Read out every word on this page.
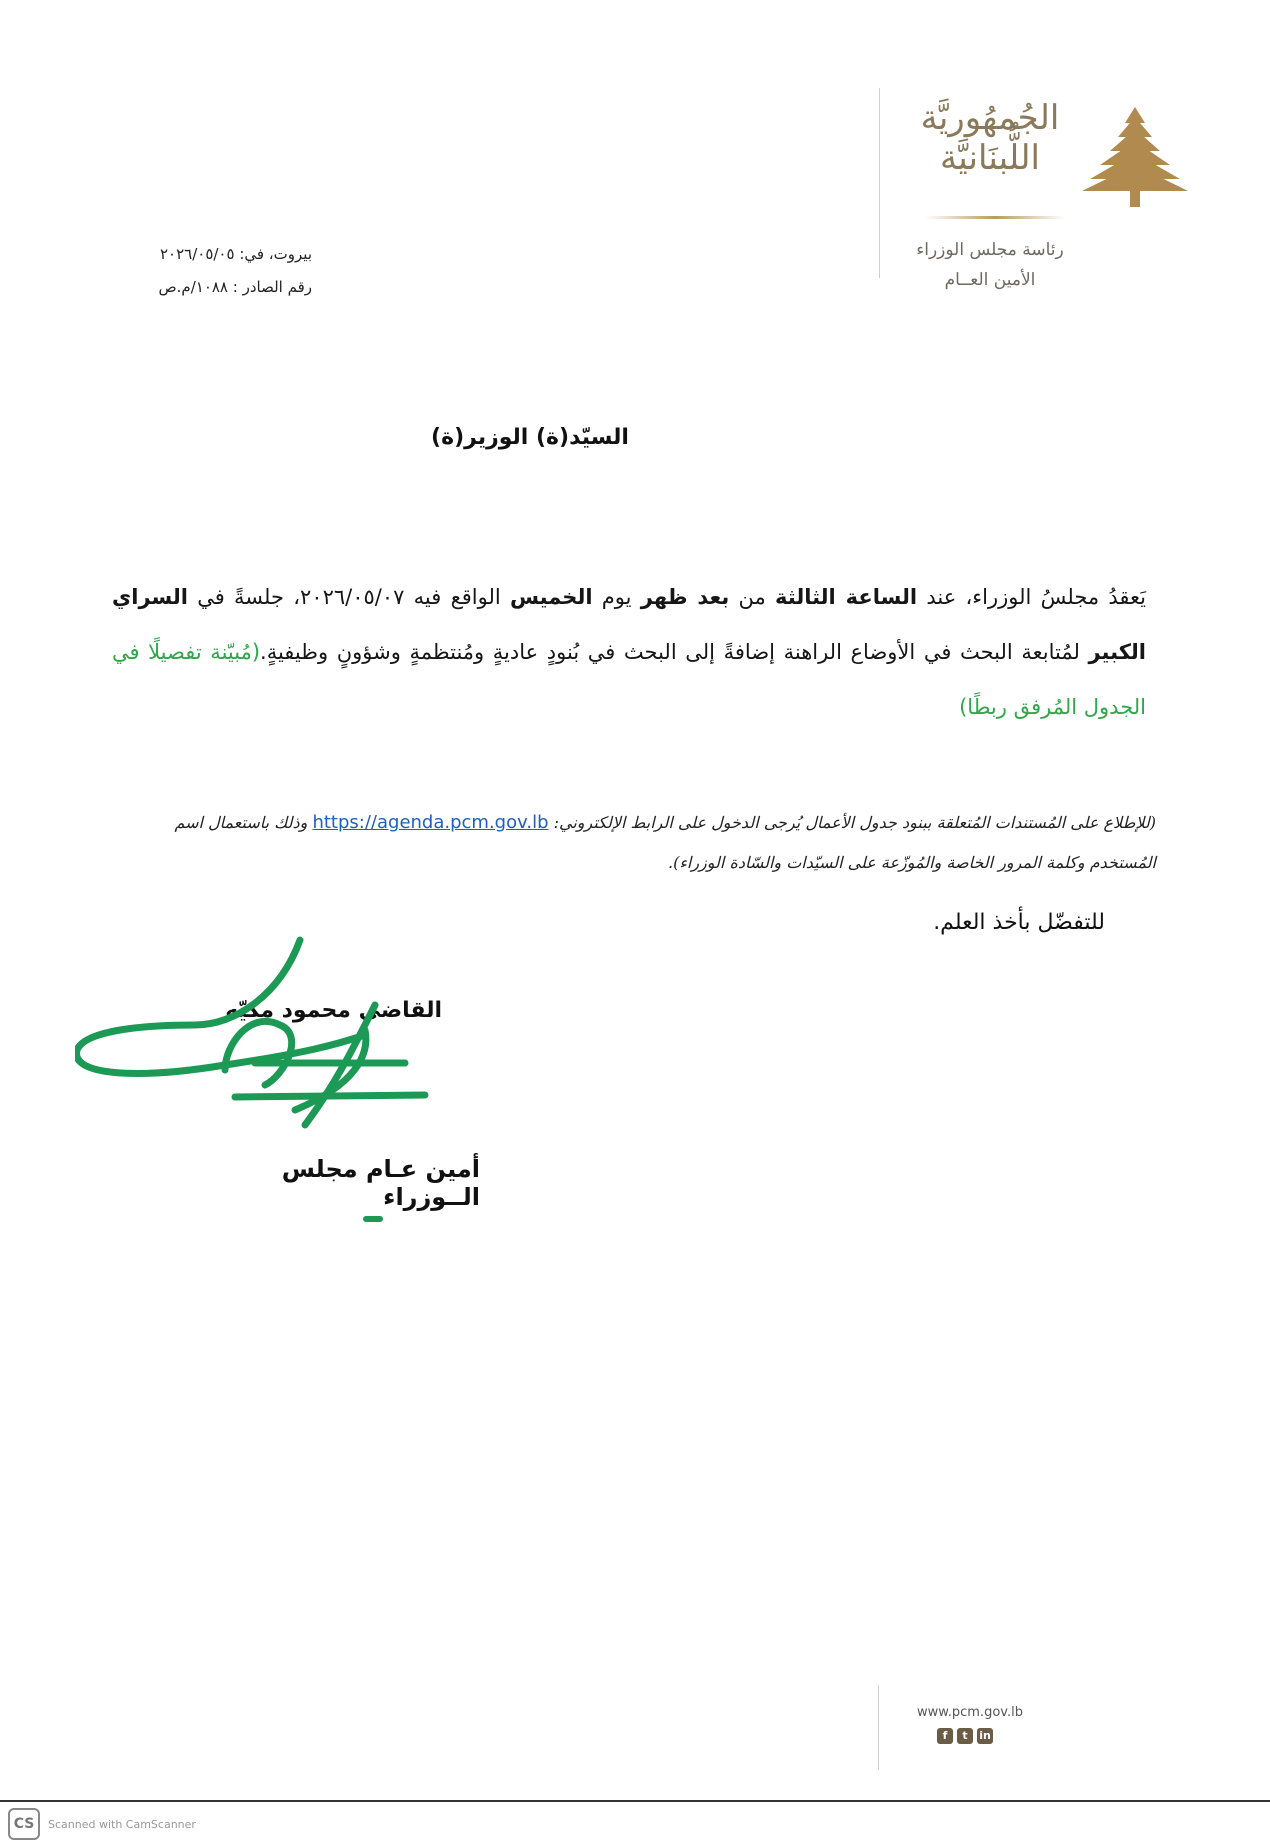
الجُمهُوريَّة
اللُّبنَانيَّة
رئاسة مجلس الوزراء
الأمين العــام
بيروت، في: ٢٠٢٦/٠٥/٠٥
رقم الصادر : ١٠٨٨/م.ص
السيّد(ة) الوزير(ة)
يَعقدُ مجلسُ الوزراء، عند الساعة الثالثة من بعد ظهر يوم الخميس الواقع فيه ٢٠٢٦/٠٥/٠٧، جلسةً في السراي الكبير لمُتابعة البحث في الأوضاع الراهنة إضافةً إلى البحث في بُنودٍ عاديةٍ ومُنتظمةٍ وشؤونٍ وظيفيةٍ.(مُبيّنة تفصيلًا في الجدول المُرفق ربطًا)
(للإطلاع على المُستندات المُتعلقة ببنود جدول الأعمال يُرجى الدخول على الرابط الإلكتروني: https://agenda.pcm.gov.lb وذلك باستعمال اسم المُستخدم وكلمة المرور الخاصة والمُوزّعة على السيّدات والسّادة الوزراء).
للتفضّل بأخذ العلم.
القاضي محمود مكيّه
أمين عـام مجلس الــوزراء
www.pcm.gov.lb
f	t	in
CS	Scanned with CamScanner
